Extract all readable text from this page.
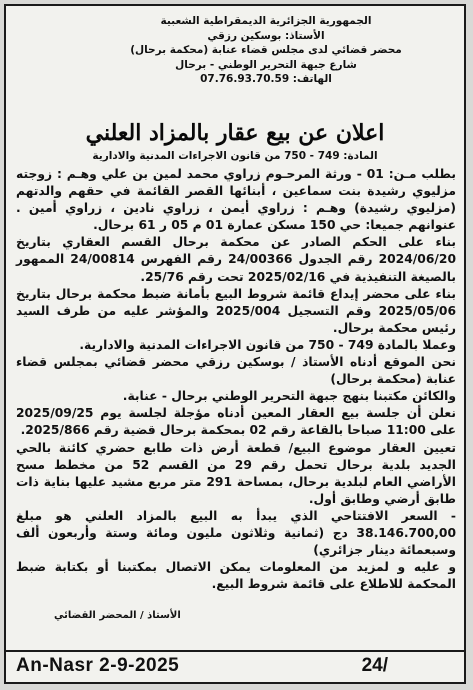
الجمهورية الجزائرية الديمقراطية الشعبية
الأستاذ: بوسكين رزقي
محضر قضائي لدى مجلس قضاء عنابة (محكمة برحال)
شارع جبهة التحرير الوطني - برحال
الهاتف: 07.76.93.70.59
اعلان عن بيع عقار بالمزاد العلني
المادة: 749 - 750 من قانون الاجراءات المدنية والادارية

بطلب مـن: 01 - ورثة المرحـوم زراوي محمد لمين بن علي وهـم : زوجته مزليوي رشيدة بنت سماعين ، أبنائها القصر القائمة في حقهم والدتهم (مزليوي رشيدة) وهـم : زراوي أيمن ، زراوي نادين ، زراوي أمين . عنوانهم جميعا: حي 150 مسكن عمارة 01 م 05 ر 61 برحال.

بناء على الحكم الصادر عن محكمة برحال القسم العقاري بتاريخ 2024/06/20 رقم الجدول 24/00366 رقم الفهرس 24/00814 الممهور بالصيغة التنفيذية في 2025/02/16 تحت رقم 25/76.

بناء على محضر إيداع قائمة شروط البيع بأمانة ضبط محكمة برحال بتاريخ 2025/05/06 وقم التسجيل 2025/004 والمؤشر عليه من طرف السيد رئيس محكمة برحال.

وعملا بالمادة 749 - 750 من قانون الاجراءات المدنية والادارية.

نحن الموقع أدناه الأستاذ / بوسكين رزقي محضر قضائي بمجلس قضاء عنابة (محكمة برحال)

والكائن مكتبنا بنهج جبهة التحرير الوطني برحال - عنابة.

نعلن أن جلسة بيع العقار المعين أدناه مؤجلة لجلسة يوم 2025/09/25 على 11:00 صباحا بالقاعة رقم 02 بمحكمة برحال قضية رقم 2025/866.

تعيين العقار موضوع البيع/ قطعة أرض ذات طابع حضري كائنة بالحي الجديد بلدية برحال تحمل رقم 29 من القسم 52 من مخطط مسح الأراضي العام لبلدية برحال، بمساحة 291 متر مربع مشيد عليها بناية ذات طابق أرضي وطابق أول.

- السعر الافتتاحي الذي يبدأ به البيع بالمزاد العلني هو مبلغ 38.146.700,00 دج (ثمانية وثلاثون مليون ومائة وستة وأربعون ألف وسبعمائة دينار جزائري)

و عليه و لمزيد من المعلومات يمكن الاتصال بمكتبنا أو بكتابة ضبط المحكمة للاطلاع على قائمة شروط البيع.

الأستاذ / المحضر القضائي
An-Nasr 2-9-2025	24/
